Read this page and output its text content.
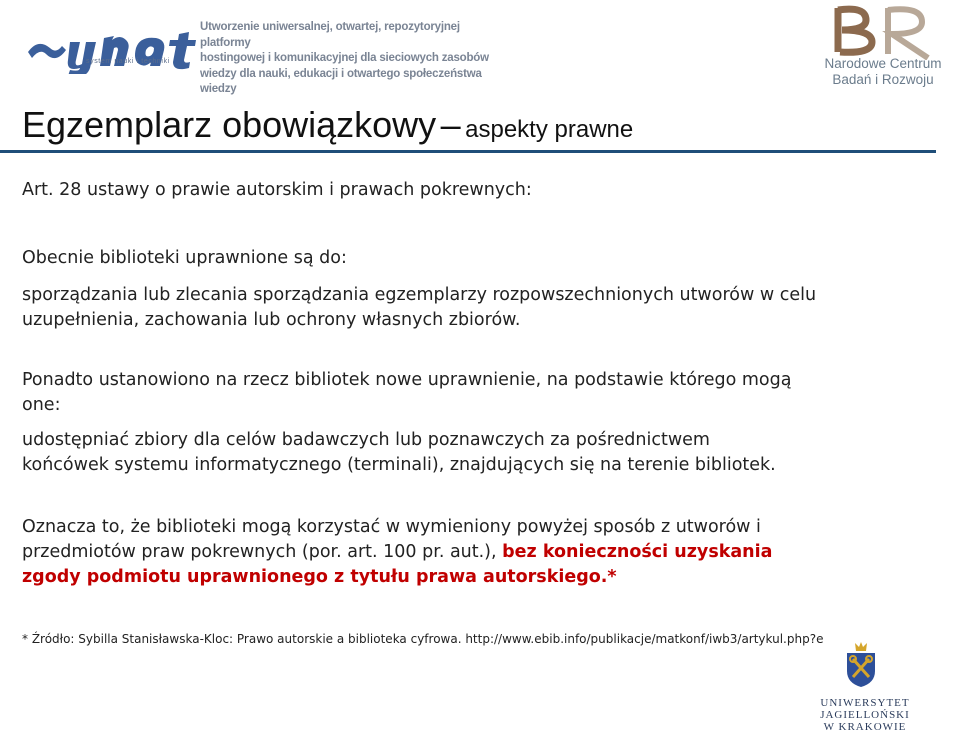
Utworzenie uniwersalnej, otwartej, repozytoryjnej platformy
hostingowej i komunikacyjnej dla sieciowych zasobów
wiedzy dla nauki, edukacji i otwartego społeczeństwa wiedzy
system nauki i techniki	Narodowe Centrum
Badań i Rozwoju
Egzemplarz obowiązkowy – aspekty prawne
Art. 28 ustawy o prawie autorskim i prawach pokrewnych:
Obecnie biblioteki uprawnione są do:
sporządzania lub zlecania sporządzania egzemplarzy rozpowszechnionych utworów w celu uzupełnienia, zachowania lub ochrony własnych zbiorów.
Ponadto ustanowiono na rzecz bibliotek nowe uprawnienie, na podstawie którego mogą one:
udostępniać zbiory dla celów badawczych lub poznawczych za pośrednictwem końcówek systemu informatycznego (terminali), znajdujących się na terenie bibliotek.
Oznacza to, że biblioteki mogą korzystać w wymieniony powyżej sposób z utworów i przedmiotów praw pokrewnych (por. art. 100 pr. aut.), bez konieczności uzyskania zgody podmiotu uprawnionego z tytułu prawa autorskiego.*
* Źródło: Sybilla Stanisławska-Kloc: Prawo autorskie a biblioteka cyfrowa. http://www.ebib.info/publikacje/matkonf/iwb3/artykul.php?e
Konferencja i3`2013, Poznań 15-19 kwietnia 2013
UNIWERSYTET JAGIELLOŃSKI
W KRAKOWIE
